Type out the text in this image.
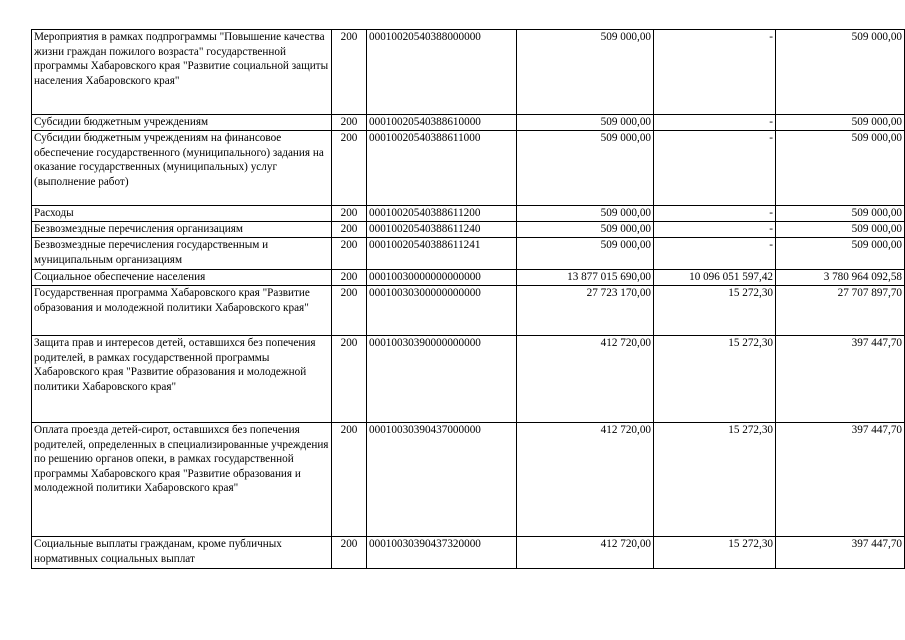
Мероприятия в рамках подпрограммы "Повышение качества жизни граждан пожилого возраста" государственной программы Хабаровского края "Развитие социальной защиты населения Хабаровского края"	200	00010020540388000000	509 000,00	-	509 000,00
Субсидии бюджетным учреждениям	200	00010020540388610000	509 000,00	-	509 000,00
Субсидии бюджетным учреждениям на финансовое обеспечение государственного (муниципального) задания на оказание государственных (муниципальных) услуг (выполнение работ)	200	00010020540388611000	509 000,00	-	509 000,00
Расходы	200	00010020540388611200	509 000,00	-	509 000,00
Безвозмездные перечисления организациям	200	00010020540388611240	509 000,00	-	509 000,00
Безвозмездные перечисления государственным и муниципальным организациям	200	00010020540388611241	509 000,00	-	509 000,00
Социальное обеспечение населения	200	00010030000000000000	13 877 015 690,00	10 096 051 597,42	3 780 964 092,58
Государственная программа Хабаровского края "Развитие образования и молодежной политики Хабаровского края"	200	00010030300000000000	27 723 170,00	15 272,30	27 707 897,70
Защита прав и интересов детей, оставшихся без попечения родителей, в рамках государственной программы Хабаровского края "Развитие образования и молодежной политики Хабаровского края"	200	00010030390000000000	412 720,00	15 272,30	397 447,70
Оплата проезда детей-сирот, оставшихся без попечения родителей, определенных в специализированные учреждения по решению органов опеки, в рамках государственной программы Хабаровского края "Развитие образования и молодежной политики Хабаровского края"	200	00010030390437000000	412 720,00	15 272,30	397 447,70
Социальные выплаты гражданам, кроме публичных нормативных социальных выплат	200	00010030390437320000	412 720,00	15 272,30	397 447,70
